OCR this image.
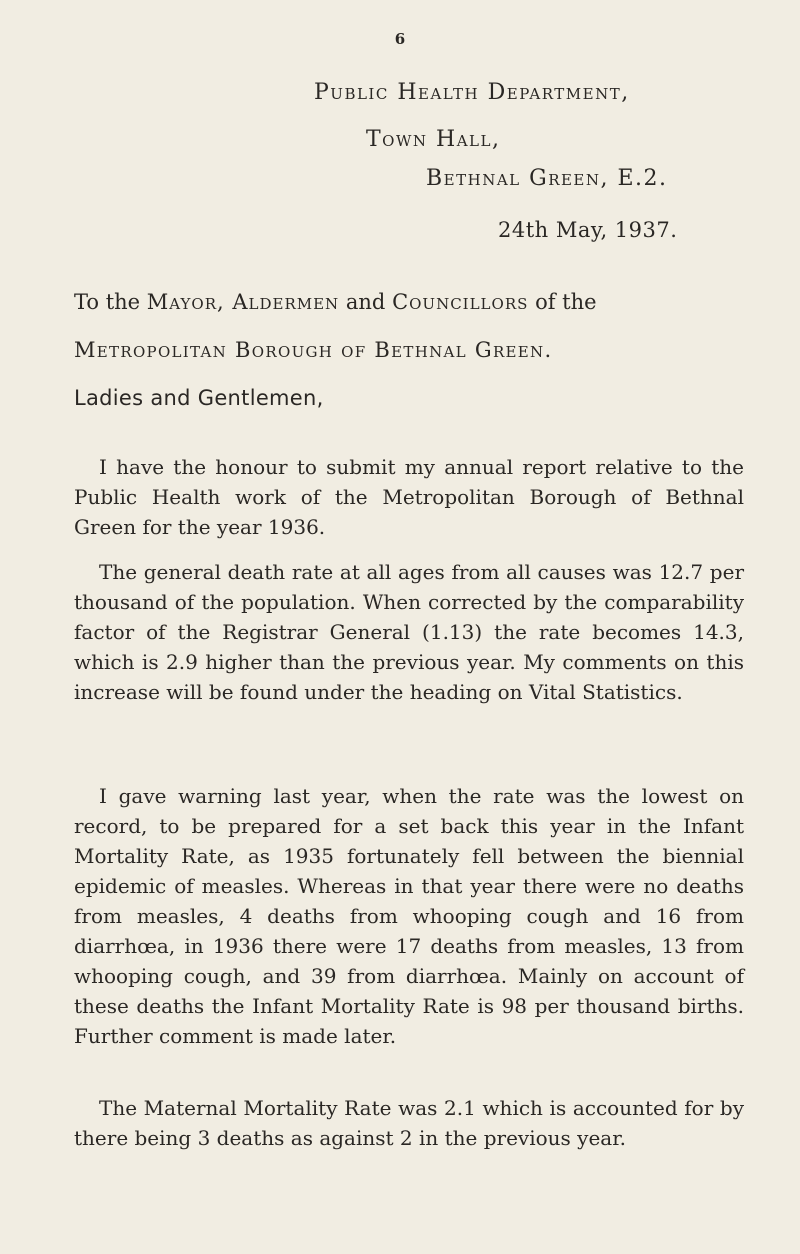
6
Public Health Department,
Town Hall,
Bethnal Green, E.2.
24th May, 1937.
To the Mayor, Aldermen and Councillors of the
Metropolitan Borough of Bethnal Green.
Ladies and Gentlemen,

I have the honour to submit my annual report relative to the Public Health work of the Metropolitan Borough of Bethnal Green for the year 1936.

The general death rate at all ages from all causes was 12.7 per thousand of the population. When corrected by the comparability factor of the Registrar General (1.13) the rate becomes 14.3, which is 2.9 higher than the previous year. My comments on this increase will be found under the heading on Vital Statistics.

I gave warning last year, when the rate was the lowest on record, to be prepared for a set back this year in the Infant Mortality Rate, as 1935 fortunately fell between the biennial epidemic of measles. Whereas in that year there were no deaths from measles, 4 deaths from whooping cough and 16 from diarrhœa, in 1936 there were 17 deaths from measles, 13 from whooping cough, and 39 from diarrhœa. Mainly on account of these deaths the Infant Mortality Rate is 98 per thousand births. Further comment is made later.

The Maternal Mortality Rate was 2.1 which is accounted for by there being 3 deaths as against 2 in the previous year.
